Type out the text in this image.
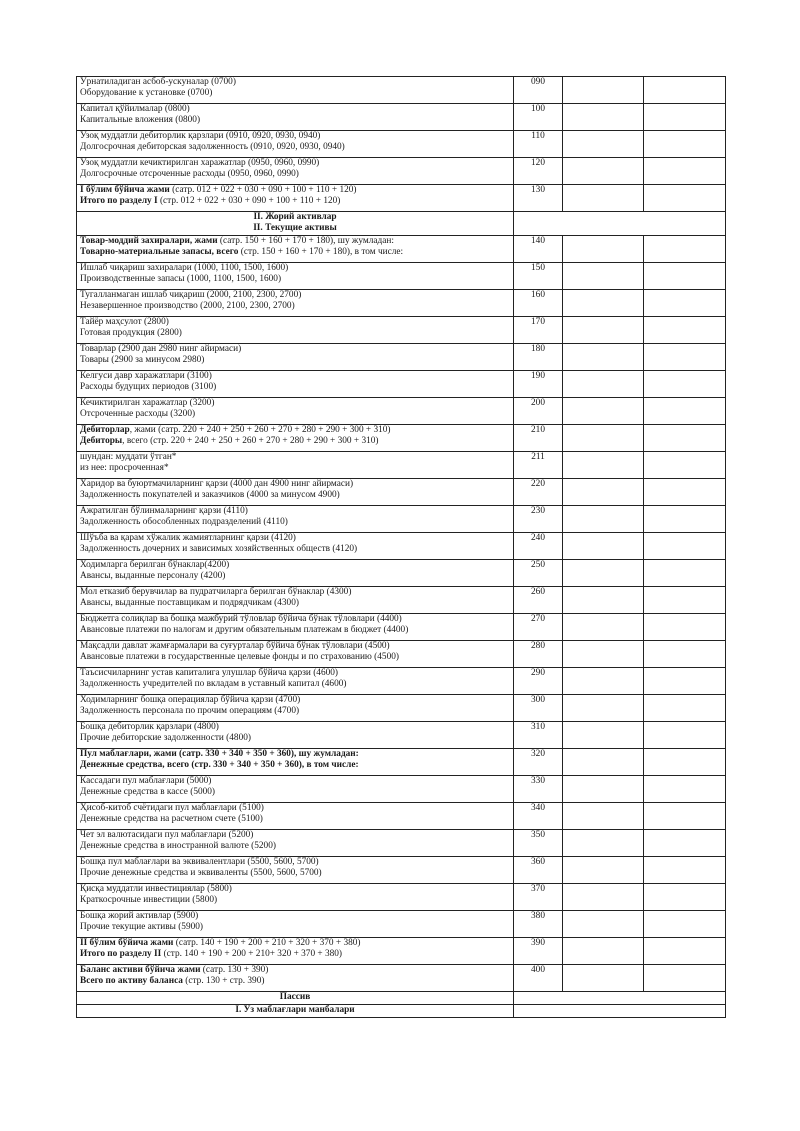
Ўрнатиладиган асбоб-ускуналар (0700)
Оборудование к установке (0700)	090		

Капитал қўйилмалар (0800)
Капитальные вложения (0800)	100		

Узоқ муддатли дебиторлик қарзлари (0910, 0920, 0930, 0940)
Долгосрочная дебиторская задолженность (0910, 0920, 0930, 0940)	110		

Узоқ муддатли кечиктирилган харажатлар (0950, 0960, 0990)
Долгосрочные отсроченные расходы (0950, 0960, 0990)	120		

I бўлим бўйича жами (сатр. 012 + 022 + 030 + 090 + 100 + 110 + 120)
Итого по разделу I (стр. 012 + 022 + 030 + 090 + 100 + 110 + 120)	130		

II. Жорий активлар
II. Текущие активы			

Товар-моддий захиралари, жами (сатр. 150 + 160 + 170 + 180), шу жумладан:
Товарно-материальные запасы, всего (стр. 150 + 160 + 170 + 180), в том числе:	140		

Ишлаб чиқариш захиралари (1000, 1100, 1500, 1600)
Производственные запасы (1000, 1100, 1500, 1600)	150		

Тугалланмаган ишлаб чиқариш (2000, 2100, 2300, 2700)
Незавершенное производство (2000, 2100, 2300, 2700)	160		

Тайёр маҳсулот (2800)
Готовая продукция (2800)	170		

Товарлар (2900 дан 2980 нинг айирмаси)
Товары (2900 за минусом 2980)	180		

Келгуси давр харажатлари (3100)
Расходы будущих периодов (3100)	190		

Кечиктирилган харажатлар (3200)
Отсроченные расходы (3200)	200		

Дебиторлар, жами (сатр. 220 + 240 + 250 + 260 + 270 + 280 + 290 + 300 + 310)
Дебиторы, всего (стр. 220 + 240 + 250 + 260 + 270 + 280 + 290 + 300 + 310)	210		

шундан: муддати ўтган*
из нее: просроченная*	211		

Харидор ва буюртмачиларнинг қарзи (4000 дан 4900 нинг айирмаси)
Задолженность покупателей и заказчиков (4000 за минусом 4900)	220		

Ажратилган бўлинмаларнинг қарзи (4110)
Задолженность обособленных подразделений (4110)	230		

Шўъба ва қарам хўжалик жамиятларнинг қарзи (4120)
Задолженность дочерних и зависимых хозяйственных обществ (4120)	240		

Ходимларга берилган бўнаклар(4200)
Авансы, выданные персоналу (4200)	250		

Мол етказиб берувчилар ва пудратчиларга берилган бўнаклар (4300)
Авансы, выданные поставщикам и подрядчикам (4300)	260		

Бюджетга солиқлар ва бошқа мажбурий тўловлар бўйича бўнак тўловлари (4400)
Авансовые платежи по налогам и другим обязательным платежам в бюджет (4400)	270		

Мақсадли давлат жамғармалари ва суғурталар бўйича бўнак тўловлари (4500)
Авансовые платежи в государственные целевые фонды и по страхованию (4500)	280		

Таъсисчиларнинг устав капиталига улушлар бўйича қарзи (4600)
Задолженность учредителей по вкладам в уставный капитал (4600)	290		

Ходимларнинг бошқа операциялар бўйича қарзи (4700)
Задолженность персонала по прочим операциям (4700)	300		

Бошқа дебиторлик қарзлари (4800)
Прочие дебиторские задолженности (4800)	310		

Пул маблағлари, жами (сатр. 330 + 340 + 350 + 360), шу жумладан:
Денежные средства, всего (стр. 330 + 340 + 350 + 360), в том числе:	320		

Кассадаги пул маблағлари (5000)
Денежные средства в кассе (5000)	330		

Ҳисоб-китоб счётидаги пул маблағлари (5100)
Денежные средства на расчетном счете (5100)	340		

Чет эл валютасидаги пул маблағлари (5200)
Денежные средства в иностранной валюте (5200)	350		

Бошқа пул маблағлари ва эквивалентлари (5500, 5600, 5700)
Прочие денежные средства и эквиваленты (5500, 5600, 5700)	360		

Қисқа муддатли инвестициялар (5800)
Краткосрочные инвестиции (5800)	370		

Бошқа жорий активлар (5900)
Прочие текущие активы (5900)	380		

II бўлим бўйича жами (сатр. 140 + 190 + 200 + 210 + 320 + 370 + 380)
Итого по разделу II (стр. 140 + 190 + 200 + 210+ 320 + 370 + 380)	390		

Баланс активи бўйича жами (сатр. 130 + 390)
Всего по активу баланса (стр. 130 + стр. 390)	400		

Пассив			

I. Ўз маблағлари манбалари			
